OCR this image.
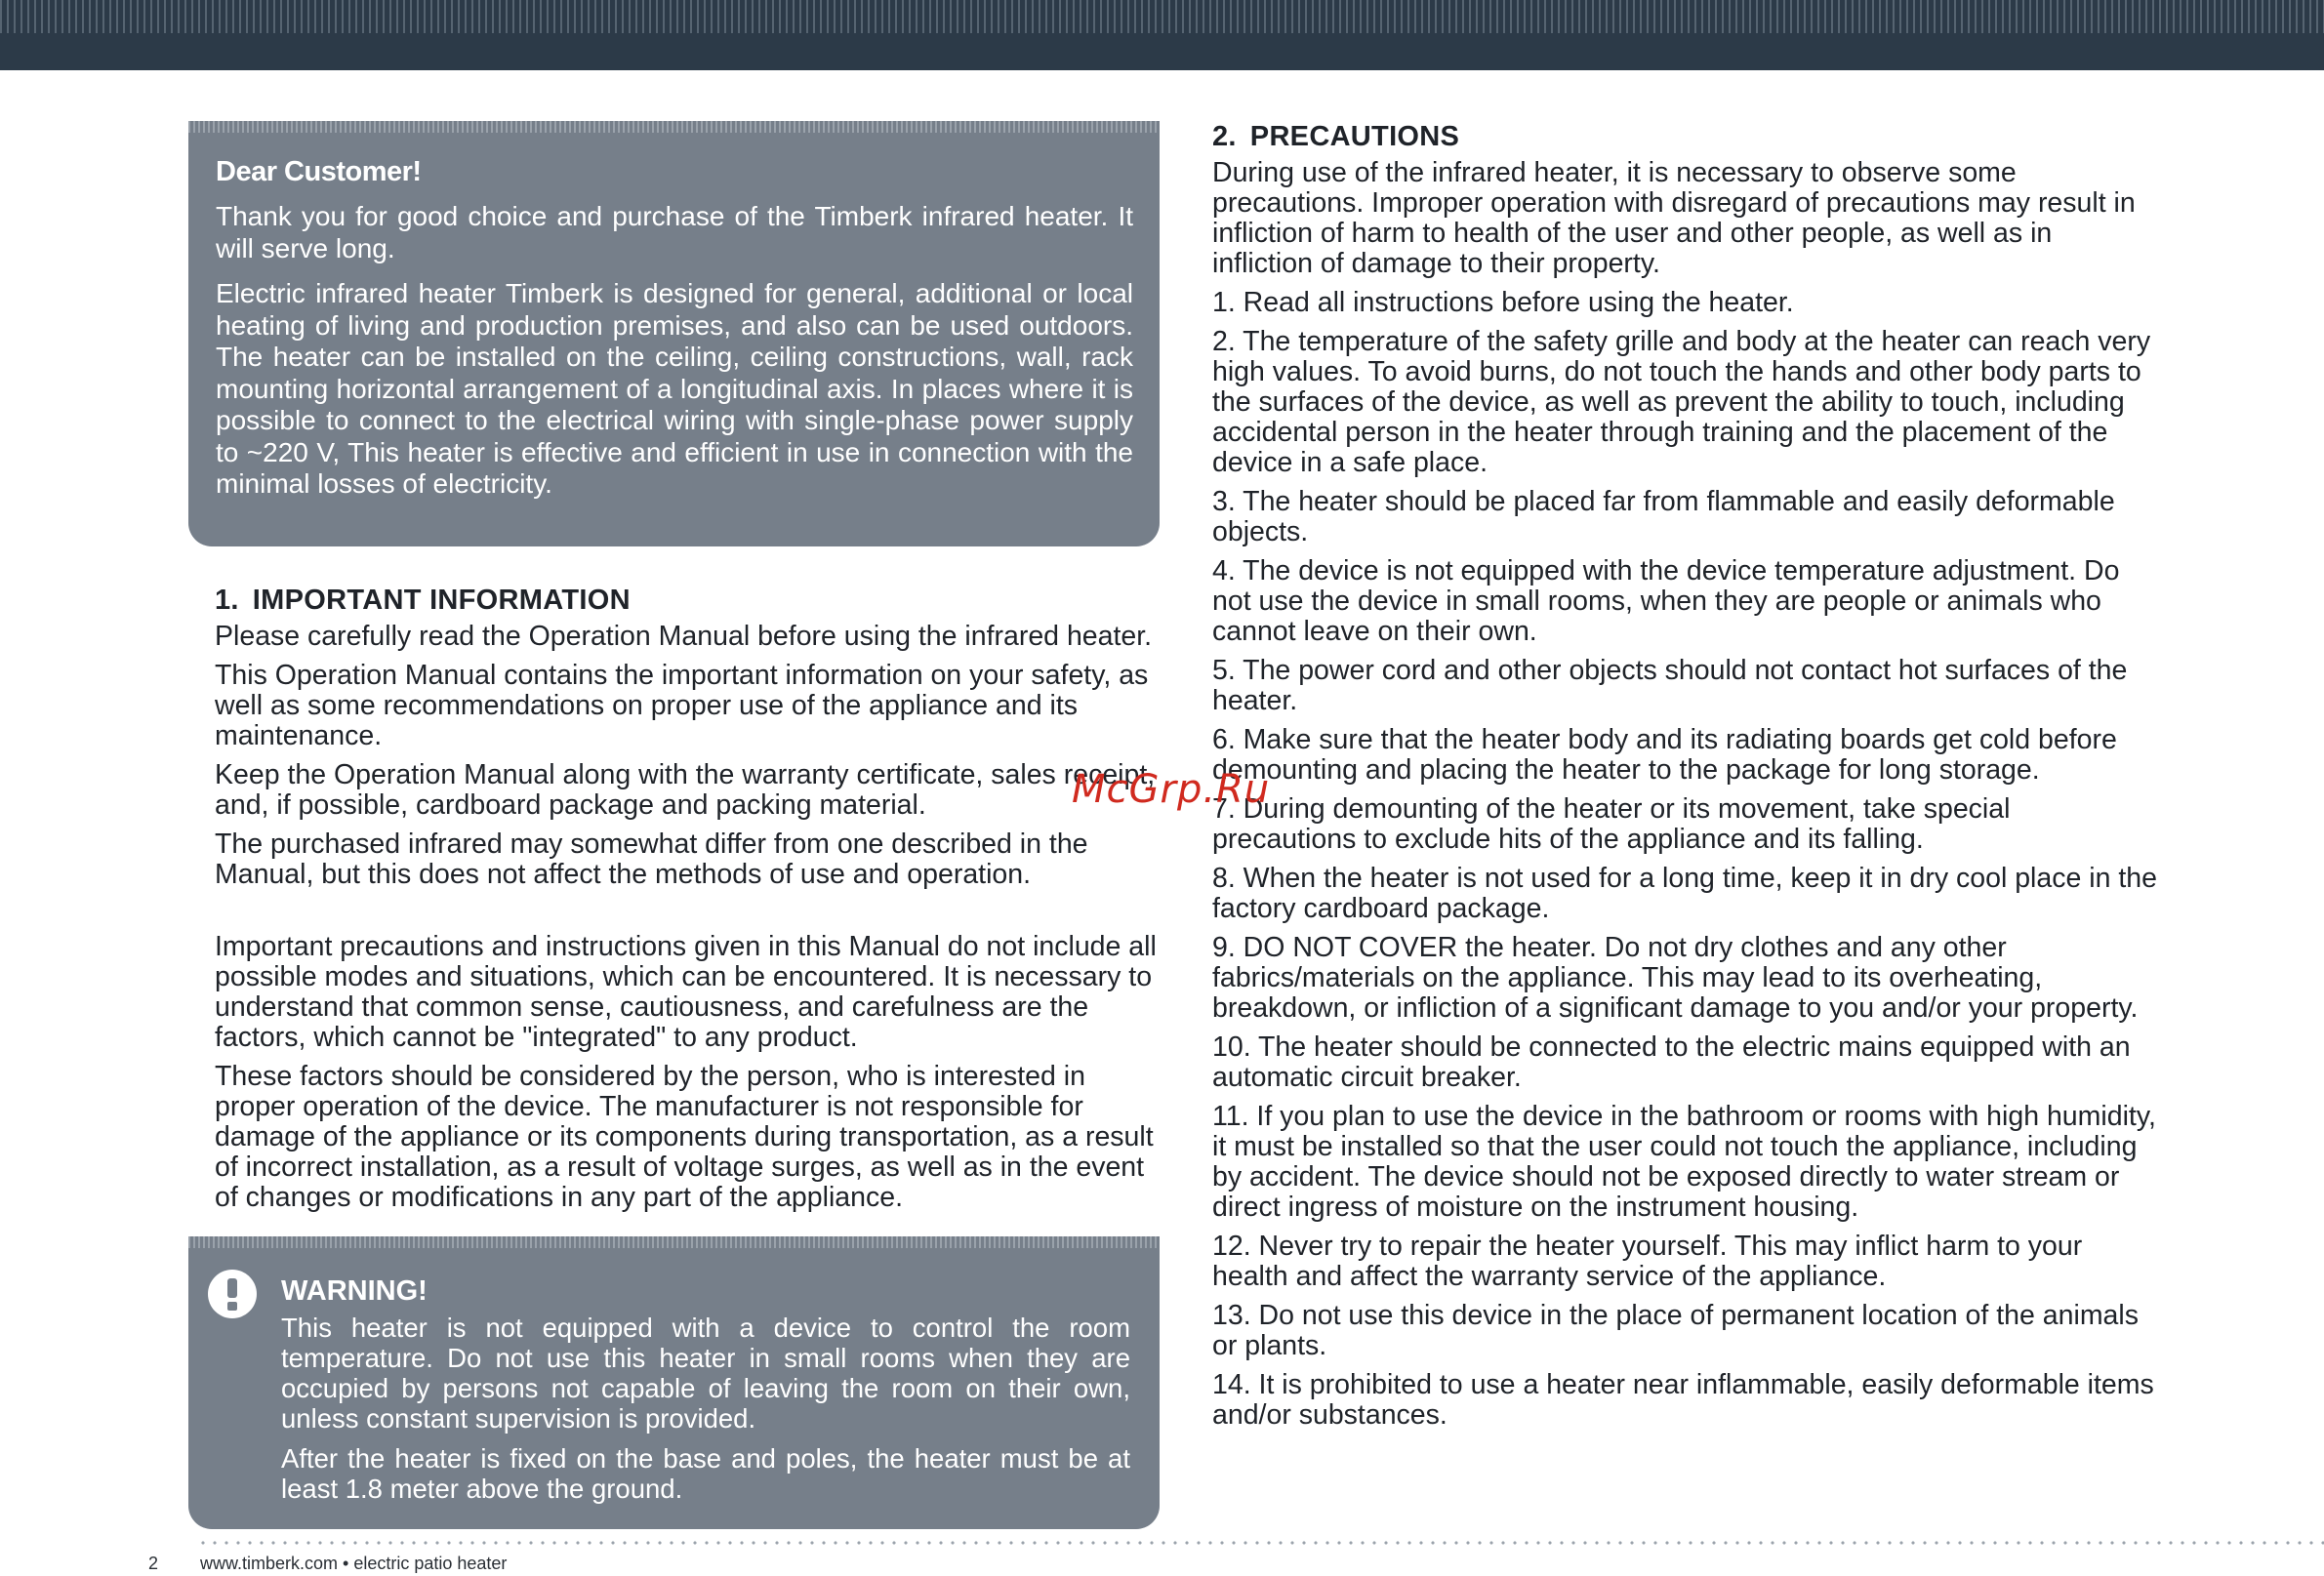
Dear Customer!

Thank you for good choice and purchase of the Timberk infrared heater. It will serve long.

Electric infrared heater Timberk is designed for general, additional or local heating of living and production premises, and also can be used outdoors. The heater can be installed on the ceiling, ceiling constructions, wall, rack mounting horizontal arrangement of a longitudinal axis. In places where it is possible to connect to the electrical wiring with single-phase power supply to ~220 V, This heater is effective and efficient in use in connection with the minimal losses of electricity.

1. IMPORTANT INFORMATION

Please carefully read the Operation Manual before using the infrared heater.

This Operation Manual contains the important information on your safety, as well as some recommendations on proper use of the appliance and its maintenance.

Keep the Operation Manual along with the warranty certificate, sales receipt, and, if possible, cardboard package and packing material.

The purchased infrared may somewhat differ from one described in the Manual, but this does not affect the methods of use and operation.

Important precautions and instructions given in this Manual do not include all possible modes and situations, which can be encountered. It is necessary to understand that common sense, cautiousness, and carefulness are the factors, which cannot be "integrated" to any product.

These factors should be considered by the person, who is interested in proper operation of the device. The manufacturer is not responsible for damage of the appliance or its components during transportation, as a result of incorrect installation, as a result of voltage surges, as well as in the event of changes or modifications in any part of the appliance.

WARNING!

This heater is not equipped with a device to control the room temperature. Do not use this heater in small rooms when they are occupied by persons not capable of leaving the room on their own, unless constant supervision is provided.

After the heater is fixed on the base and poles, the heater must be at least 1.8 meter above the ground.

2. PRECAUTIONS

During use of the infrared heater, it is necessary to observe some precautions. Improper operation with disregard of precautions may result in infliction of harm to health of the user and other people, as well as in infliction of damage to their property.

1. Read all instructions before using the heater.

2. The temperature of the safety grille and body at the heater can reach very high values. To avoid burns, do not touch the hands and other body parts to the surfaces of the device, as well as prevent the ability to touch, including accidental person in the heater through training and the placement of the device in a safe place.

3. The heater should be placed far from flammable and easily deformable objects.

4. The device is not equipped with the device temperature adjustment. Do not use the device in small rooms, when they are people or animals who cannot leave on their own.

5. The power cord and other objects should not contact hot surfaces of the heater.

6. Make sure that the heater body and its radiating boards get cold before demounting and placing the heater to the package for long storage.

7. During demounting of the heater or its movement, take special precautions to exclude hits of the appliance and its falling.

8. When the heater is not used for a long time, keep it in dry cool place in the factory cardboard package.

9. DO NOT COVER the heater. Do not dry clothes and any other fabrics/materials on the appliance. This may lead to its overheating, breakdown, or infliction of a significant damage to you and/or your property.

10. The heater should be connected to the electric mains equipped with an automatic circuit breaker.

11. If you plan to use the device in the bathroom or rooms with high humidity, it must be installed so that the user could not touch the appliance, including by accident. The device should not be exposed directly to water stream or direct ingress of moisture on the instrument housing.

12. Never try to repair the heater yourself. This may inflict harm to your health and affect the warranty service of the appliance.

13. Do not use this device in the place of permanent location of the animals or plants.

14. It is prohibited to use a heater near inflammable, easily deformable items and/or substances.

McGrp.Ru
2 www.timberk.com • electric patio heater
